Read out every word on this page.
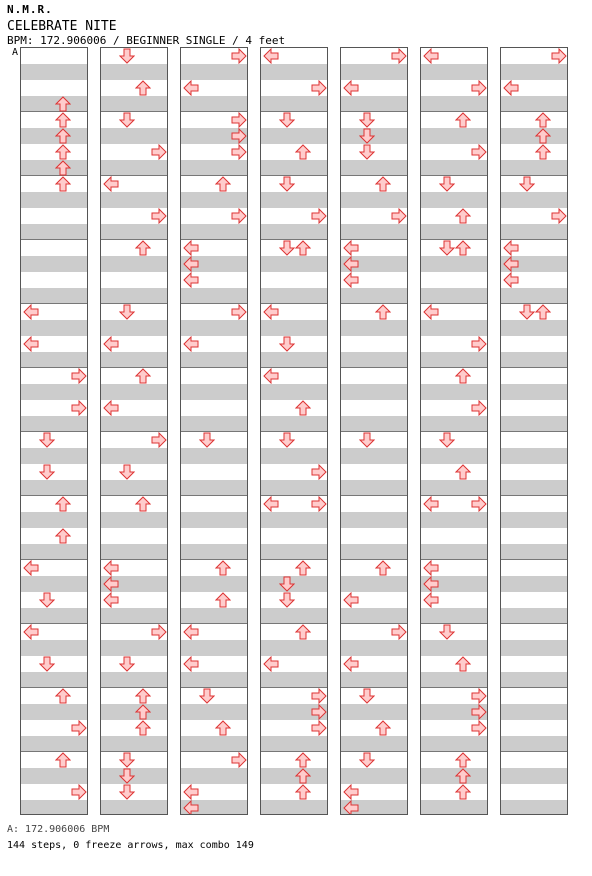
N.M.R.
CELEBRATE NITE
BPM: 172.906006 / BEGINNER SINGLE / 4 feet
A
A: 172.906006 BPM
144 steps, 0 freeze arrows, max combo 149
